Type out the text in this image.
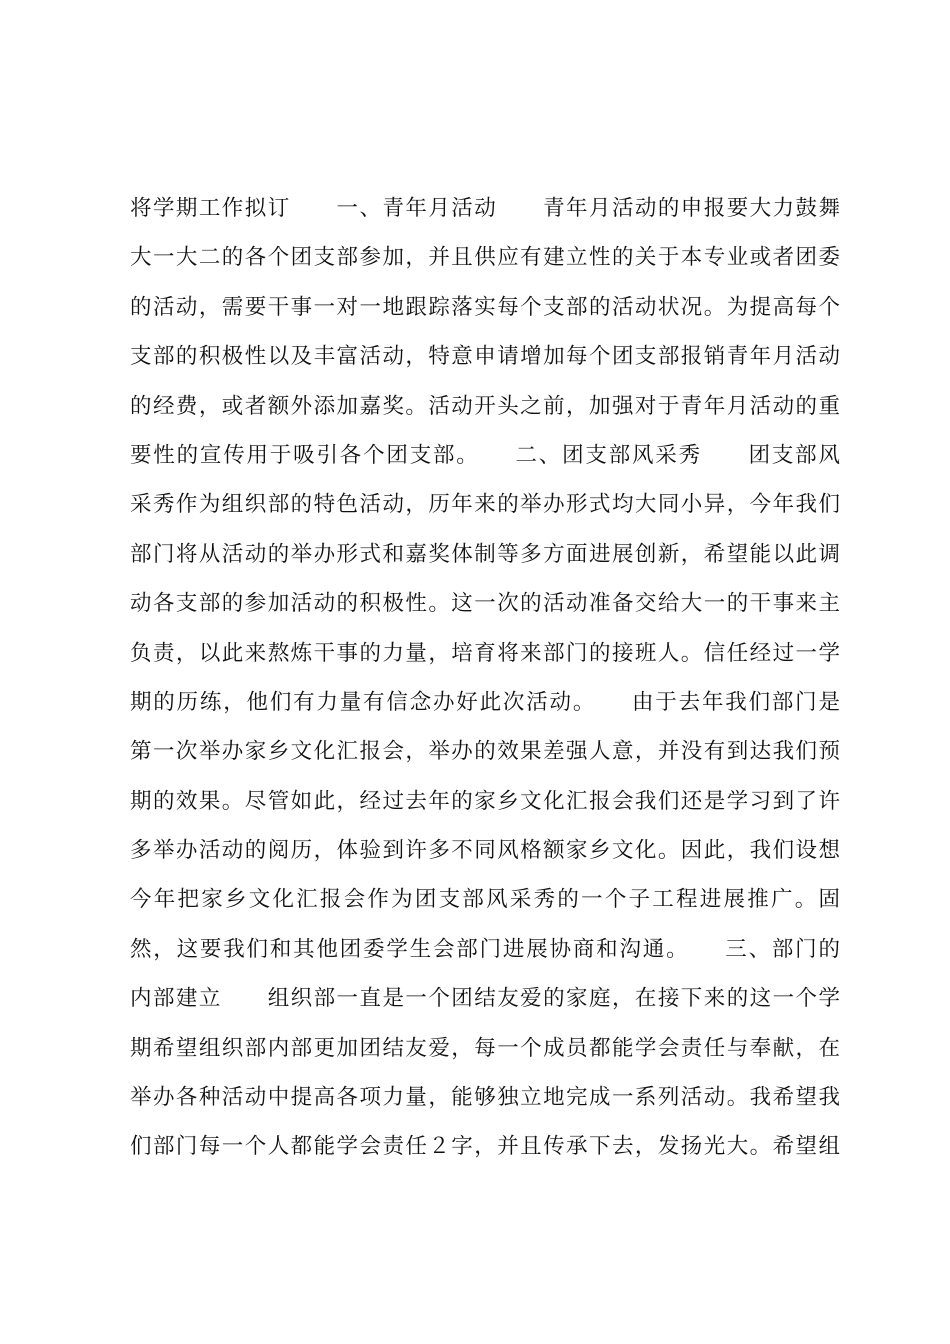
将学期工作拟订　　一、青年月活动　　青年月活动的申报要大力鼓舞
大一大二的各个团支部参加，并且供应有建立性的关于本专业或者团委
的活动，需要干事一对一地跟踪落实每个支部的活动状况。为提高每个
支部的积极性以及丰富活动，特意申请增加每个团支部报销青年月活动
的经费，或者额外添加嘉奖。活动开头之前，加强对于青年月活动的重
要性的宣传用于吸引各个团支部。　　二、团支部风采秀　　团支部风
采秀作为组织部的特色活动，历年来的举办形式均大同小异，今年我们
部门将从活动的举办形式和嘉奖体制等多方面进展创新，希望能以此调
动各支部的参加活动的积极性。这一次的活动准备交给大一的干事来主
负责，以此来熬炼干事的力量，培育将来部门的接班人。信任经过一学
期的历练，他们有力量有信念办好此次活动。　　由于去年我们部门是
第一次举办家乡文化汇报会，举办的效果差强人意，并没有到达我们预
期的效果。尽管如此，经过去年的家乡文化汇报会我们还是学习到了许
多举办活动的阅历，体验到许多不同风格额家乡文化。因此，我们设想
今年把家乡文化汇报会作为团支部风采秀的一个子工程进展推广。固
然，这要我们和其他团委学生会部门进展协商和沟通。　　三、部门的
内部建立　　组织部一直是一个团结友爱的家庭，在接下来的这一个学
期希望组织部内部更加团结友爱，每一个成员都能学会责任与奉献，在
举办各种活动中提高各项力量，能够独立地完成一系列活动。我希望我
们部门每一个人都能学会责任２字，并且传承下去，发扬光大。希望组
